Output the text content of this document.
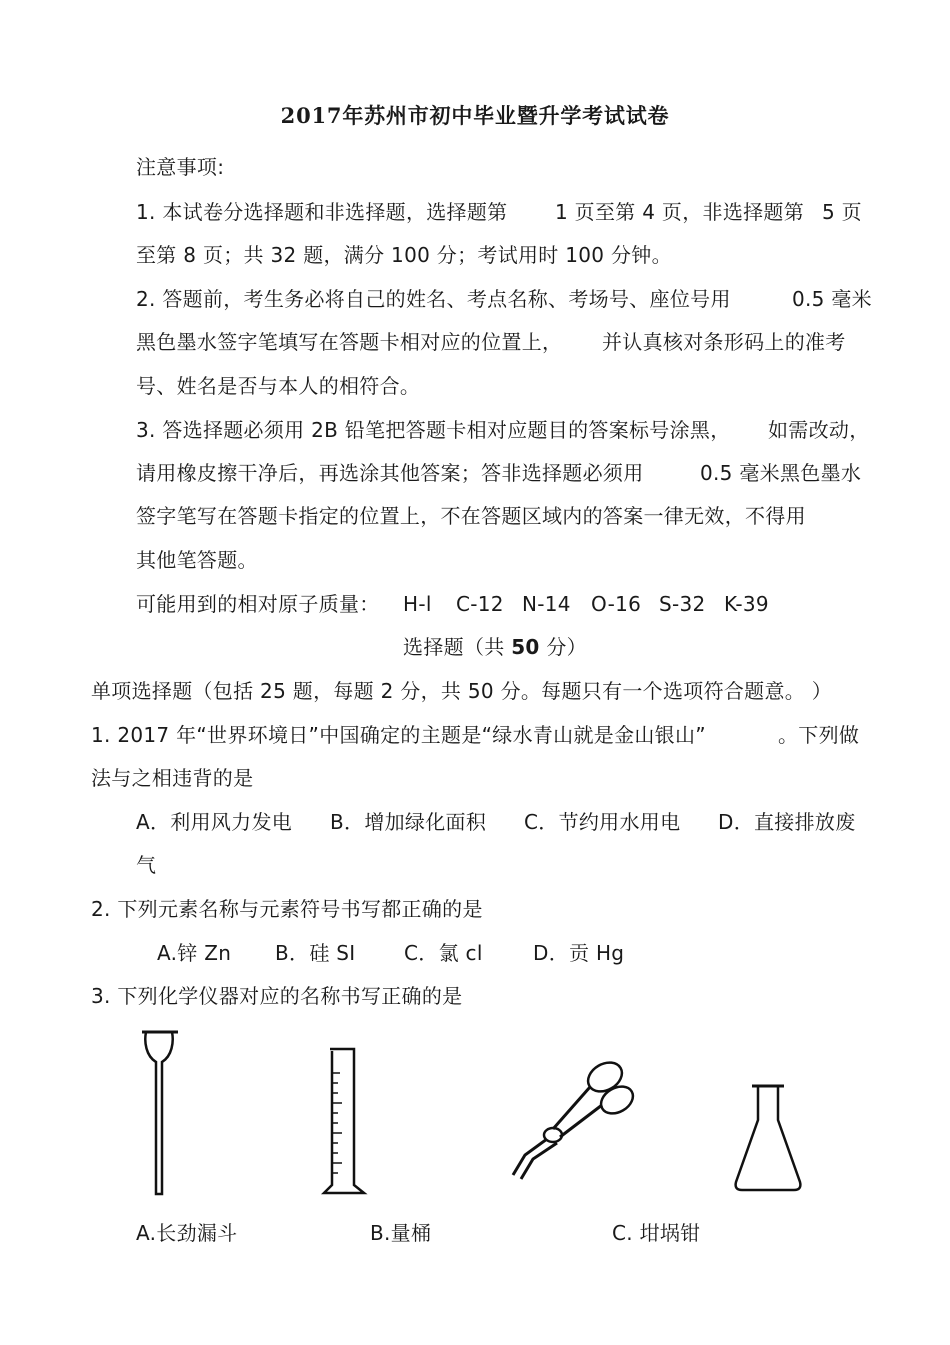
2017年苏州市初中毕业暨升学考试试卷
注意事项:
1. 本试卷分选择题和非选择题，选择题第 1 页至第 4 页，非选择题第 5 页
至第 8 页；共 32 题，满分 100 分；考试用时 100 分钟。
2. 答题前，考生务必将自己的姓名、考点名称、考场号、座位号用	0.5 毫米
黑色墨水签字笔填写在答题卡相对应的位置上， 并认真核对条形码上的准考
号、姓名是否与本人的相符合。
3. 答选择题必须用 2B 铅笔把答题卡相对应题目的答案标号涂黑， 如需改动，
请用橡皮擦干净后，再选涂其他答案；答非选择题必须用	0.5 毫米黑色墨水
签字笔写在答题卡指定的位置上，不在答题区域内的答案一律无效，不得用
其他笔答题。
可能用到的相对原子质量： H-l C-12 N-14 O-16 S-32 K-39
选择题（共 50 分）
单项选择题（包括 25 题，每题 2 分，共 50 分。每题只有一个选项符合题意。 ）
1. 2017 年“世界环境日”中国确定的主题是“绿水青山就是金山银山”	。下列做
法与之相违背的是
A．利用风力发电 B．增加绿化面积 C．节约用水用电 D．直接排放废
气
2. 下列元素名称与元素符号书写都正确的是
A.锌 Zn B．硅 SI C．氯 cl	D．贡 Hg
3. 下列化学仪器对应的名称书写正确的是
A.长劲漏斗	B.量桶	C. 坩埚钳
